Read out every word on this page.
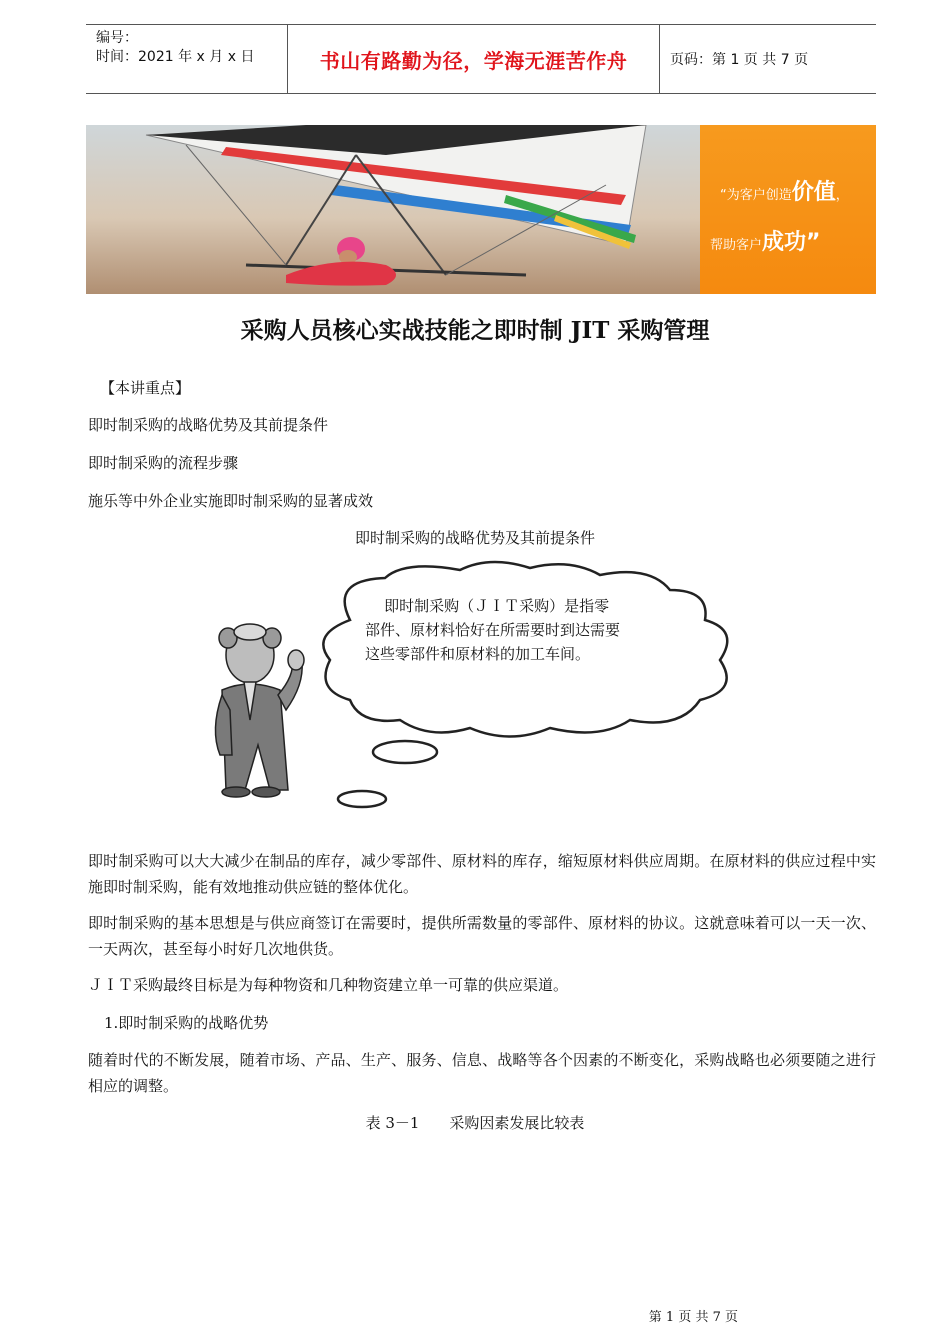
编号：
时间：2021 年 x 月 x 日	书山有路勤为径，学海无涯苦作舟	页码：第 1 页 共 7 页
“为客户创造价值，
帮助客户成功”
采购人员核心实战技能之即时制 JIT 采购管理
【本讲重点】
即时制采购的战略优势及其前提条件
即时制采购的流程步骤
施乐等中外企业实施即时制采购的显著成效
即时制采购的战略优势及其前提条件
即时制采购（ＪＩＴ采购）是指零
部件、原材料恰好在所需要时到达需要
这些零部件和原材料的加工车间。
即时制采购可以大大减少在制品的库存，减少零部件、原材料的库存，缩短原材料供应周期。在原材料的供应过程中实施即时制采购，能有效地推动供应链的整体优化。
即时制采购的基本思想是与供应商签订在需要时，提供所需数量的零部件、原材料的协议。这就意味着可以一天一次、一天两次，甚至每小时好几次地供货。
ＪＩＴ采购最终目标是为每种物资和几种物资建立单一可靠的供应渠道。
1.即时制采购的战略优势
随着时代的不断发展，随着市场、产品、生产、服务、信息、战略等各个因素的不断变化，采购战略也必须要随之进行相应的调整。
表 3－1　　采购因素发展比较表
第 1 页 共 7 页
